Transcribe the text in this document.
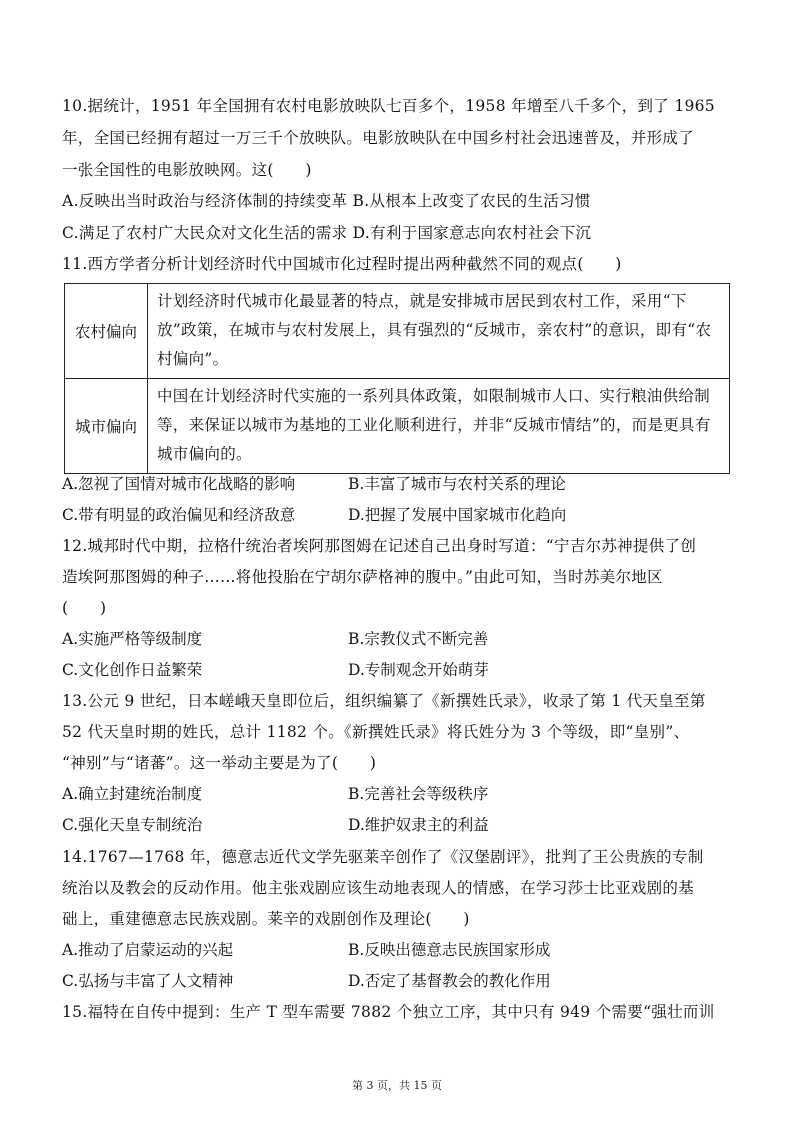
10.据统计，1951 年全国拥有农村电影放映队七百多个，1958 年增至八千多个，到了 1965
年，全国已经拥有超过一万三千个放映队。电影放映队在中国乡村社会迅速普及，并形成了
一张全国性的电影放映网。这(　　)
A.反映出当时政治与经济体制的持续变革 B.从根本上改变了农民的生活习惯
C.满足了农村广大民众对文化生活的需求 D.有利于国家意志向农村社会下沉
11.西方学者分析计划经济时代中国城市化过程时提出两种截然不同的观点(　　)
农村偏向	计划经济时代城市化最显著的特点，就是安排城市居民到农村工作，采用“下放”政策，在城市与农村发展上，具有强烈的“反城市，亲农村”的意识，即有“农村偏向”。
城市偏向	中国在计划经济时代实施的一系列具体政策，如限制城市人口、实行粮油供给制等，来保证以城市为基地的工业化顺利进行，并非“反城市情结”的，而是更具有城市偏向的。
A.忽视了国情对城市化战略的影响	B.丰富了城市与农村关系的理论
C.带有明显的政治偏见和经济敌意	D.把握了发展中国家城市化趋向
12.城邦时代中期，拉格什统治者埃阿那图姆在记述自己出身时写道：“宁吉尔苏神提供了创
造埃阿那图姆的种子……将他投胎在宁胡尔萨格神的腹中。”由此可知，当时苏美尔地区
(　　)
A.实施严格等级制度	B.宗教仪式不断完善
C.文化创作日益繁荣	D.专制观念开始萌芽
13.公元 9 世纪，日本嵯峨天皇即位后，组织编纂了《新撰姓氏录》，收录了第 1 代天皇至第
52 代天皇时期的姓氏，总计 1182 个。《新撰姓氏录》将氏姓分为 3 个等级，即“皇别”、
“神别”与“诸蕃”。这一举动主要是为了(　　)
A.确立封建统治制度	B.完善社会等级秩序
C.强化天皇专制统治	D.维护奴隶主的利益
14.1767—1768 年，德意志近代文学先驱莱辛创作了《汉堡剧评》，批判了王公贵族的专制
统治以及教会的反动作用。他主张戏剧应该生动地表现人的情感，在学习莎士比亚戏剧的基
础上，重建德意志民族戏剧。莱辛的戏剧创作及理论(　　)
A.推动了启蒙运动的兴起	B.反映出德意志民族国家形成
C.弘扬与丰富了人文精神	D.否定了基督教会的教化作用
15.福特在自传中提到：生产 T 型车需要 7882 个独立工序，其中只有 949 个需要“强壮而训
第 3 页，共 15 页
